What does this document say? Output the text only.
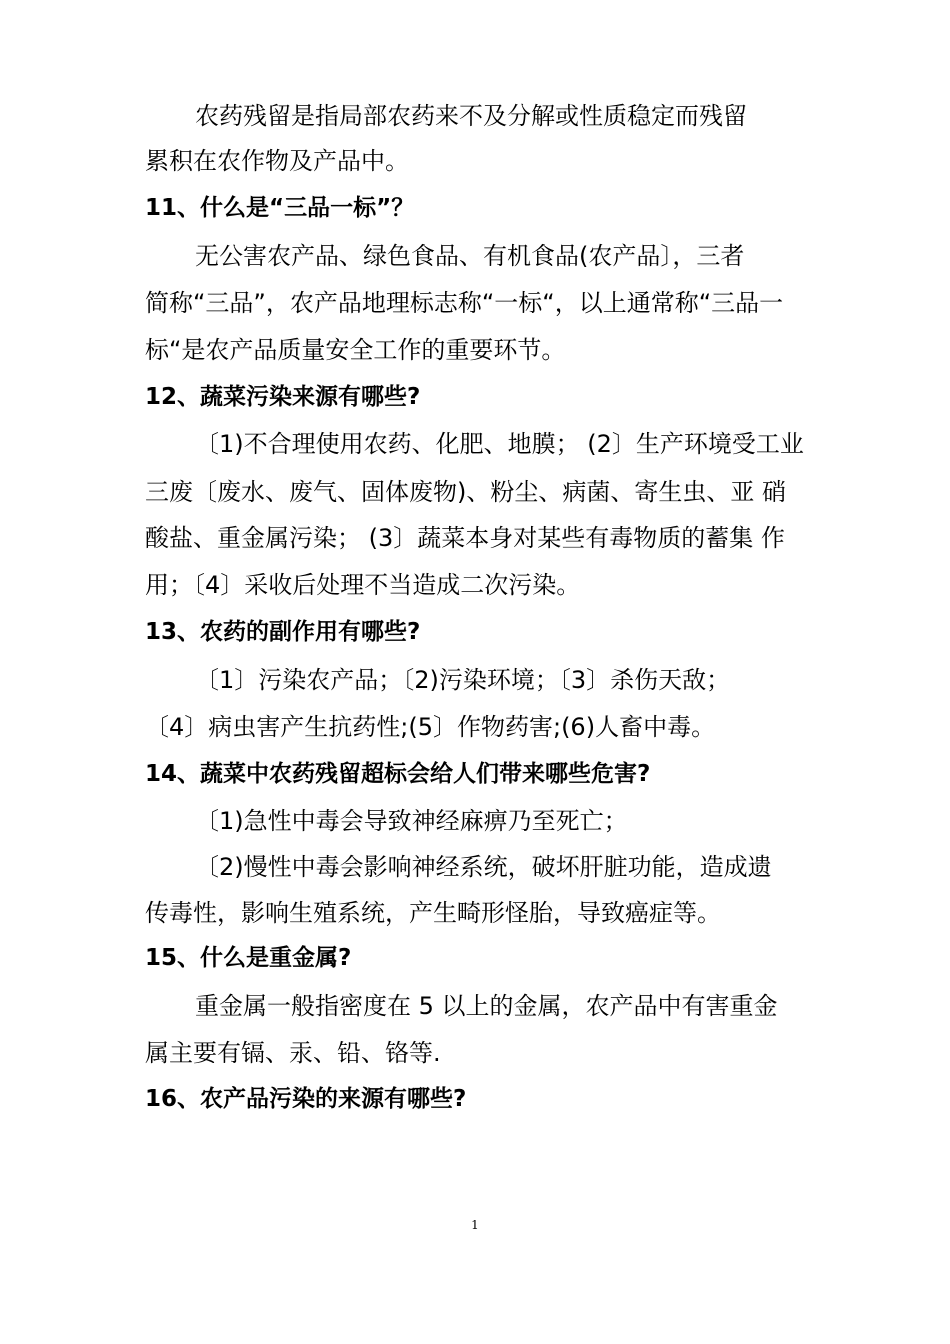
农药残留是指局部农药来不及分解或性质稳定而残留
累积在农作物及产品中。
11、什么是“三品一标”？
无公害农产品、绿色食品、有机食品(农产品〕，三者
简称“三品”，农产品地理标志称“一标“，以上通常称“三品一
标“是农产品质量安全工作的重要环节。
12、蔬菜污染来源有哪些?
〔1)不合理使用农药、化肥、地膜； (2〕生产环境受工业
三废〔废水、废气、固体废物)、粉尘、病菌、寄生虫、亚 硝
酸盐、重金属污染； (3〕蔬菜本身对某些有毒物质的蓄集 作
用；〔4〕采收后处理不当造成二次污染。
13、农药的副作用有哪些?
〔1〕污染农产品；〔2)污染环境；〔3〕杀伤天敌；
〔4〕病虫害产生抗药性;(5〕作物药害;(6)人畜中毒。
14、蔬菜中农药残留超标会给人们带来哪些危害?
〔1)急性中毒会导致神经麻痹乃至死亡；
〔2)慢性中毒会影响神经系统，破坏肝脏功能，造成遗
传毒性，影响生殖系统，产生畸形怪胎，导致癌症等。
15、什么是重金属?
重金属一般指密度在 5 以上的金属，农产品中有害重金
属主要有镉、汞、铅、铬等.
16、农产品污染的来源有哪些?
1
